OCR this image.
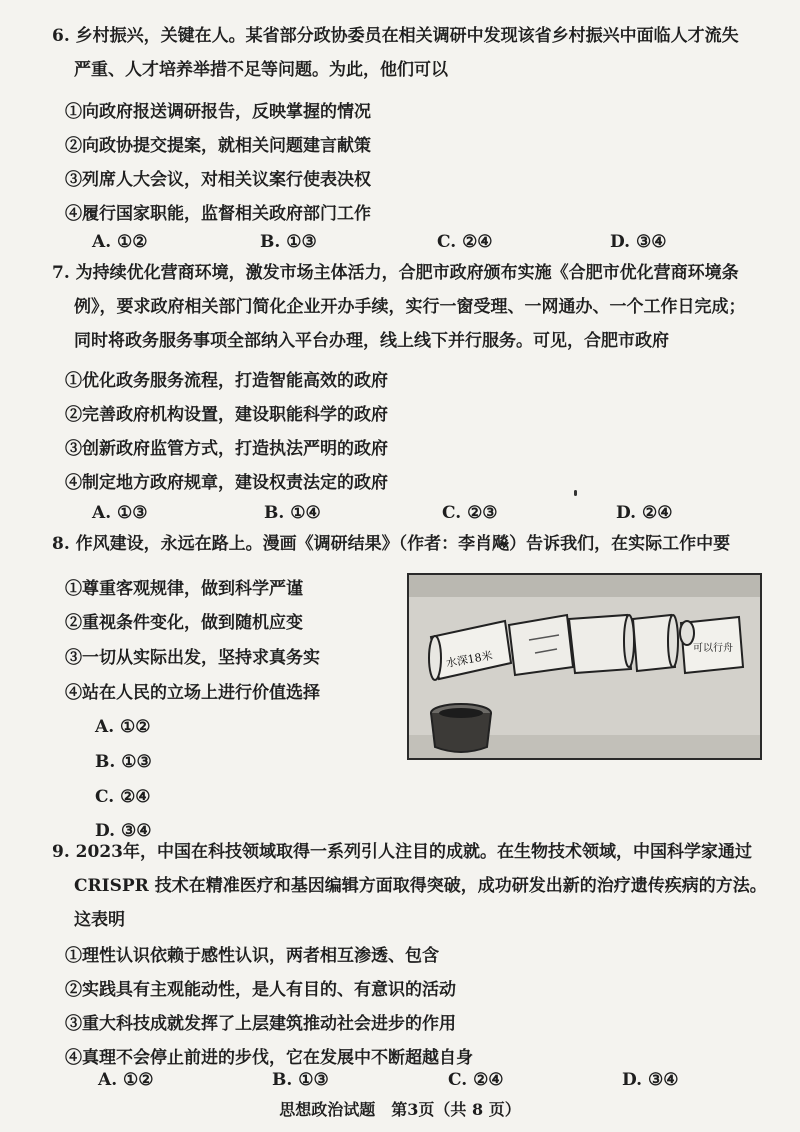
6. 乡村振兴，关键在人。某省部分政协委员在相关调研中发现该省乡村振兴中面临人才流失
严重、人才培养举措不足等问题。为此，他们可以
①向政府报送调研报告，反映掌握的情况
②向政协提交提案，就相关问题建言献策
③列席人大会议，对相关议案行使表决权
④履行国家职能，监督相关政府部门工作
A. ①②	B. ①③	C. ②④	D. ③④
7. 为持续优化营商环境，激发市场主体活力，合肥市政府颁布实施《合肥市优化营商环境条
例》，要求政府相关部门简化企业开办手续，实行一窗受理、一网通办、一个工作日完成；
同时将政务服务事项全部纳入平台办理，线上线下并行服务。可见，合肥市政府
①优化政务服务流程，打造智能高效的政府
②完善政府机构设置，建设职能科学的政府
③创新政府监管方式，打造执法严明的政府
④制定地方政府规章，建设权责法定的政府
A. ①③	B. ①④	C. ②③	D. ②④
8. 作风建设，永远在路上。漫画《调研结果》（作者：李肖飚）告诉我们，在实际工作中要
①尊重客观规律，做到科学严谨
②重视条件变化，做到随机应变
③一切从实际出发，坚持求真务实
④站在人民的立场上进行价值选择
A. ①②
B. ①③
C. ②④
D. ③④
水深18米
可以行舟
9. 2023年，中国在科技领域取得一系列引人注目的成就。在生物技术领域，中国科学家通过
CRISPR 技术在精准医疗和基因编辑方面取得突破，成功研发出新的治疗遗传疾病的方法。
这表明
①理性认识依赖于感性认识，两者相互渗透、包含
②实践具有主观能动性，是人有目的、有意识的活动
③重大科技成就发挥了上层建筑推动社会进步的作用
④真理不会停止前进的步伐，它在发展中不断超越自身
A. ①②	B. ①③	C. ②④	D. ③④
思想政治试题　第3页（共 8 页）
